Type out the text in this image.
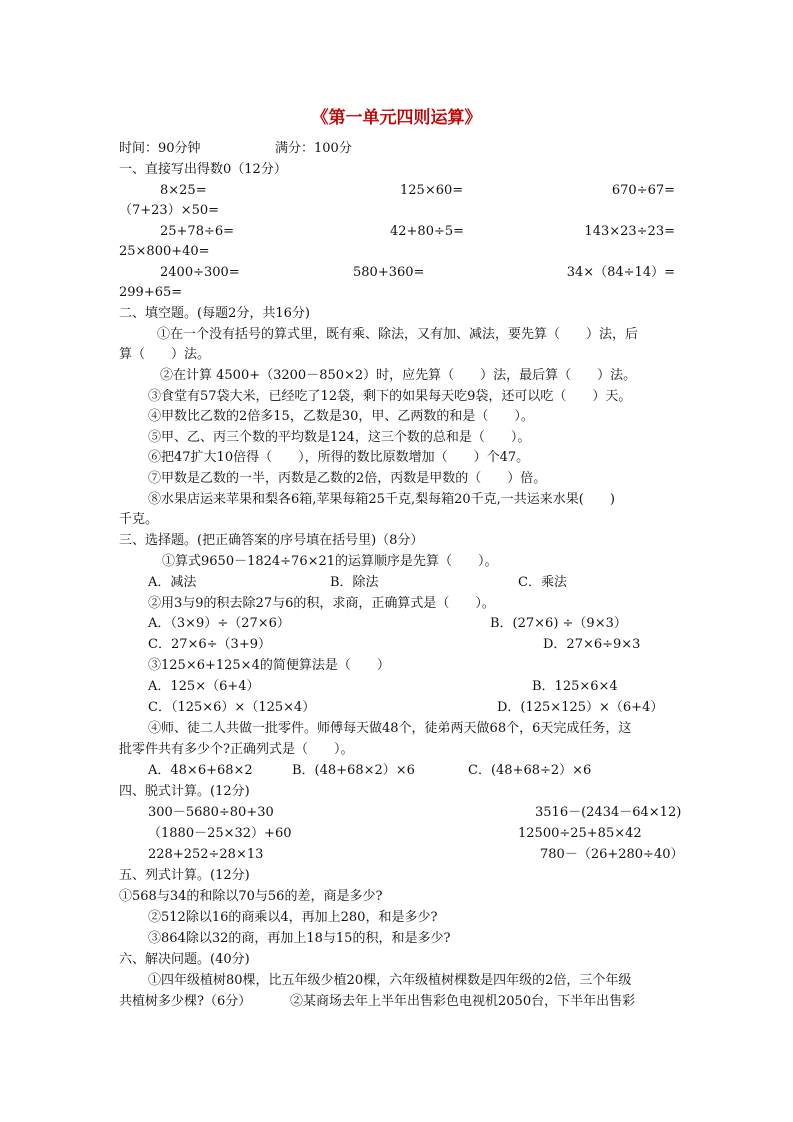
《第一单元四则运算》
时间：90分钟	满分：100分
一、直接写出得数0（12分）
8×25=	125×60=	670÷67=
（7+23）×50=
25+78÷6=	42+80÷5=	143×23÷23=
25×800+40=
2400÷300=	580+360=	34×（84÷14）=
299+65=
二、填空题。(每题2分，共16分)
①在一个没有括号的算式里，既有乘、除法，又有加、减法，要先算（　　）法，后
算（　　）法。
②在计算 4500+（3200－850×2）时，应先算（　　）法，最后算（　　）法。
③食堂有57袋大米，已经吃了12袋，剩下的如果每天吃9袋，还可以吃（　　）天。
④甲数比乙数的2倍多15，乙数是30，甲、乙两数的和是（　　）。
⑤甲、乙、丙三个数的平均数是124，这三个数的总和是（　　）。
⑥把47扩大10倍得（　　），所得的数比原数增加（　　）个47。
⑦甲数是乙数的一半，丙数是乙数的2倍，丙数是甲数的（　　）倍。
⑧水果店运来苹果和梨各6箱,苹果每箱25千克,梨每箱20千克,一共运来水果(　　)
千克。
三、选择题。(把正确答案的序号填在括号里)（8分）
①算式9650－1824÷76×21的运算顺序是先算（　　）。
A．减法	B．除法	C．乘法
②用3与9的积去除27与6的积，求商，正确算式是（　　）。
A．（3×9）÷（27×6）	B．(27×6) ÷（9×3）
C．27×6÷（3+9）	D．27×6÷9×3
③125×6+125×4的简便算法是（　　）
A．125×（6+4）	B．125×6×4
C．（125×6）×（125×4）	D．(125×125）×（6+4）
④师、徒二人共做一批零件。师傅每天做48个，徒弟两天做68个，6天完成任务，这
批零件共有多少个?正确列式是（　　）。
A．48×6+68×2	B．(48+68×2）×6	C．(48+68÷2）×6
四、脱式计算。(12分)
300－5680÷80+30	3516－(2434－64×12)
（1880－25×32）+60	12500÷25+85×42
228+252÷28×13	780－（26+280÷40）
五、列式计算。(12分)
①568与34的和除以70与56的差，商是多少?
②512除以16的商乘以4，再加上280，和是多少?
③864除以32的商，再加上18与15的积，和是多少?
六、解决问题。(40分)
①四年级植树80棵，比五年级少植20棵，六年级植树棵数是四年级的2倍，三个年级
共植树多少棵?（6分）	②某商场去年上半年出售彩色电视机2050台，下半年出售彩
